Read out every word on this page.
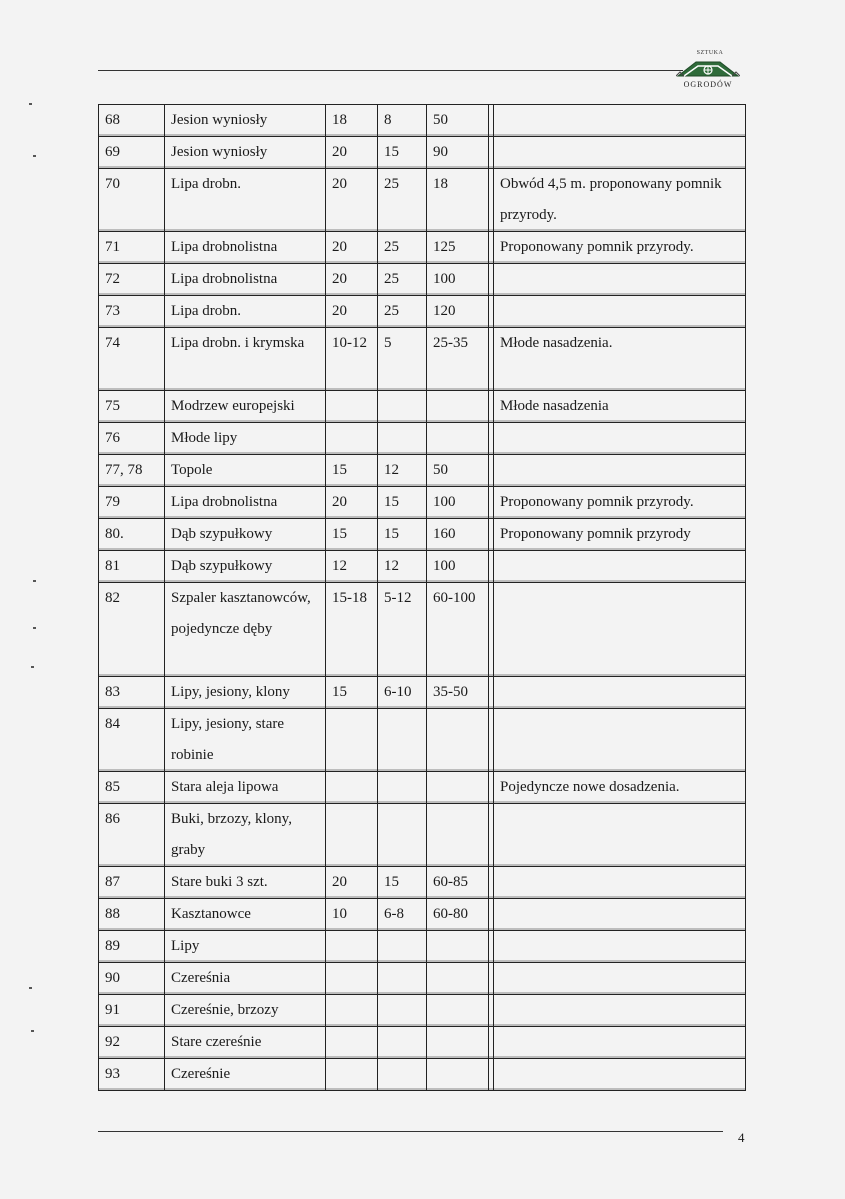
SZTUKA
OGRODÓW
68	Jesion wyniosły	18	8	50		
69	Jesion wyniosły	20	15	90		
70	Lipa drobn.	20	25	18		Obwód 4,5 m. proponowany pomnik przyrody.
71	Lipa drobnolistna	20	25	125		Proponowany pomnik przyrody.
72	Lipa drobnolistna	20	25	100		
73	Lipa drobn.	20	25	120		
74	Lipa drobn. i krymska	10-12	5	25-35		Młode nasadzenia.
75	Modrzew europejski					Młode nasadzenia
76	Młode lipy					
77, 78	Topole	15	12	50		
79	Lipa drobnolistna	20	15	100		Proponowany pomnik przyrody.
80.	Dąb szypułkowy	15	15	160		Proponowany pomnik przyrody
81	Dąb szypułkowy	12	12	100		
82	Szpaler kasztanowców, pojedyncze dęby	15-18	5-12	60-100		
83	Lipy, jesiony, klony	15	6-10	35-50		
84	Lipy, jesiony, stare robinie					
85	Stara aleja lipowa					Pojedyncze nowe dosadzenia.
86	Buki, brzozy, klony, graby					
87	Stare buki 3 szt.	20	15	60-85		
88	Kasztanowce	10	6-8	60-80		
89	Lipy					
90	Czereśnia					
91	Czereśnie, brzozy					
92	Stare czereśnie					
93	Czereśnie					
4
